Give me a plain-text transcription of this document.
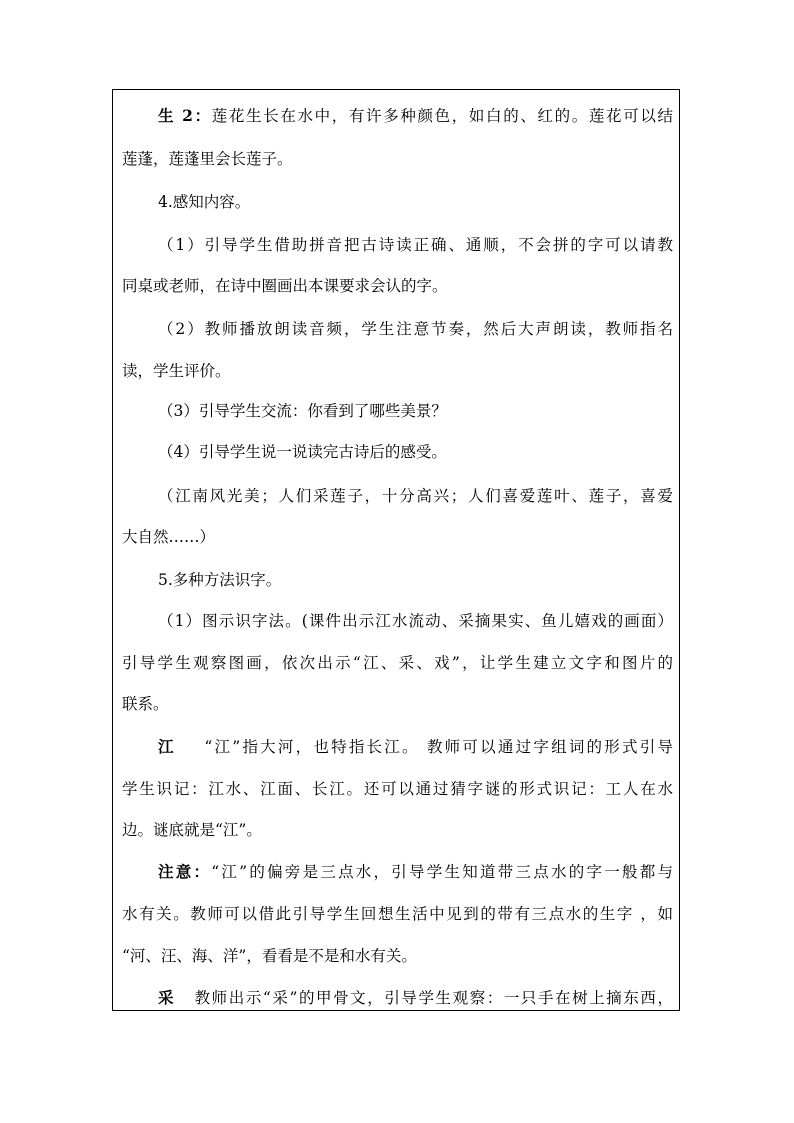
生 2：莲花生长在水中，有许多种颜色，如白的、红的。莲花可以结
莲蓬，莲蓬里会长莲子。
4.感知内容。
（1）引导学生借助拼音把古诗读正确、通顺，不会拼的字可以请教
同桌或老师，在诗中圈画出本课要求会认的字。
（2）教师播放朗读音频，学生注意节奏，然后大声朗读，教师指名
读，学生评价。
（3）引导学生交流：你看到了哪些美景？
（4）引导学生说一说读完古诗后的感受。
（江南风光美；人们采莲子，十分高兴；人们喜爱莲叶、莲子，喜爱
大自然……）
5.多种方法识字。
（1）图示识字法。(课件出示江水流动、采摘果实、鱼儿嬉戏的画面）
引导学生观察图画，依次出示“江、采、戏”，让学生建立文字和图片的
联系。
江 “江”指大河，也特指长江。 教师可以通过字组词的形式引导
学生识记：江水、江面、长江。还可以通过猜字谜的形式识记：工人在水
边。谜底就是“江”。
注意：“江”的偏旁是三点水，引导学生知道带三点水的字一般都与
水有关。教师可以借此引导学生回想生活中见到的带有三点水的生字 ，如
“河、汪、海、洋”，看看是不是和水有关。
采 教师出示“采”的甲骨文，引导学生观察：一只手在树上摘东西，
